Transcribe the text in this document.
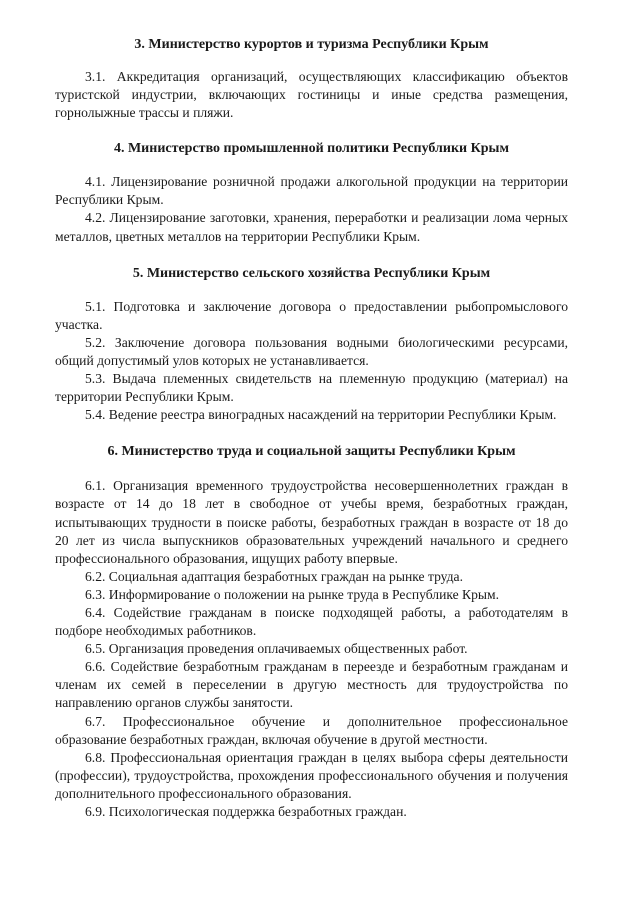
3. Министерство курортов и туризма Республики Крым

3.1. Аккредитация организаций, осуществляющих классификацию объектов туристской индустрии, включающих гостиницы и иные средства размещения, горнолыжные трассы и пляжи.

4. Министерство промышленной политики Республики Крым

4.1. Лицензирование розничной продажи алкогольной продукции на территории Республики Крым.

4.2. Лицензирование заготовки, хранения, переработки и реализации лома черных металлов, цветных металлов на территории Республики Крым.

5. Министерство сельского хозяйства Республики Крым

5.1. Подготовка и заключение договора о предоставлении рыбопромыслового участка.

5.2. Заключение договора пользования водными биологическими ресурсами, общий допустимый улов которых не устанавливается.

5.3. Выдача племенных свидетельств на племенную продукцию (материал) на территории Республики Крым.

5.4. Ведение реестра виноградных насаждений на территории Республики Крым.

6. Министерство труда и социальной защиты Республики Крым

6.1. Организация временного трудоустройства несовершеннолетних граждан в возрасте от 14 до 18 лет в свободное от учебы время, безработных граждан, испытывающих трудности в поиске работы, безработных граждан в возрасте от 18 до 20 лет из числа выпускников образовательных учреждений начального и среднего профессионального образования, ищущих работу впервые.

6.2. Социальная адаптация безработных граждан на рынке труда.

6.3. Информирование о положении на рынке труда в Республике Крым.

6.4. Содействие гражданам в поиске подходящей работы, а работодателям в подборе необходимых работников.

6.5. Организация проведения оплачиваемых общественных работ.

6.6. Содействие безработным гражданам в переезде и безработным гражданам и членам их семей в переселении в другую местность для трудоустройства по направлению органов службы занятости.

6.7. Профессиональное обучение и дополнительное профессиональное образование безработных граждан, включая обучение в другой местности.

6.8. Профессиональная ориентация граждан в целях выбора сферы деятельности (профессии), трудоустройства, прохождения профессионального обучения и получения дополнительного профессионального образования.

6.9. Психологическая поддержка безработных граждан.
